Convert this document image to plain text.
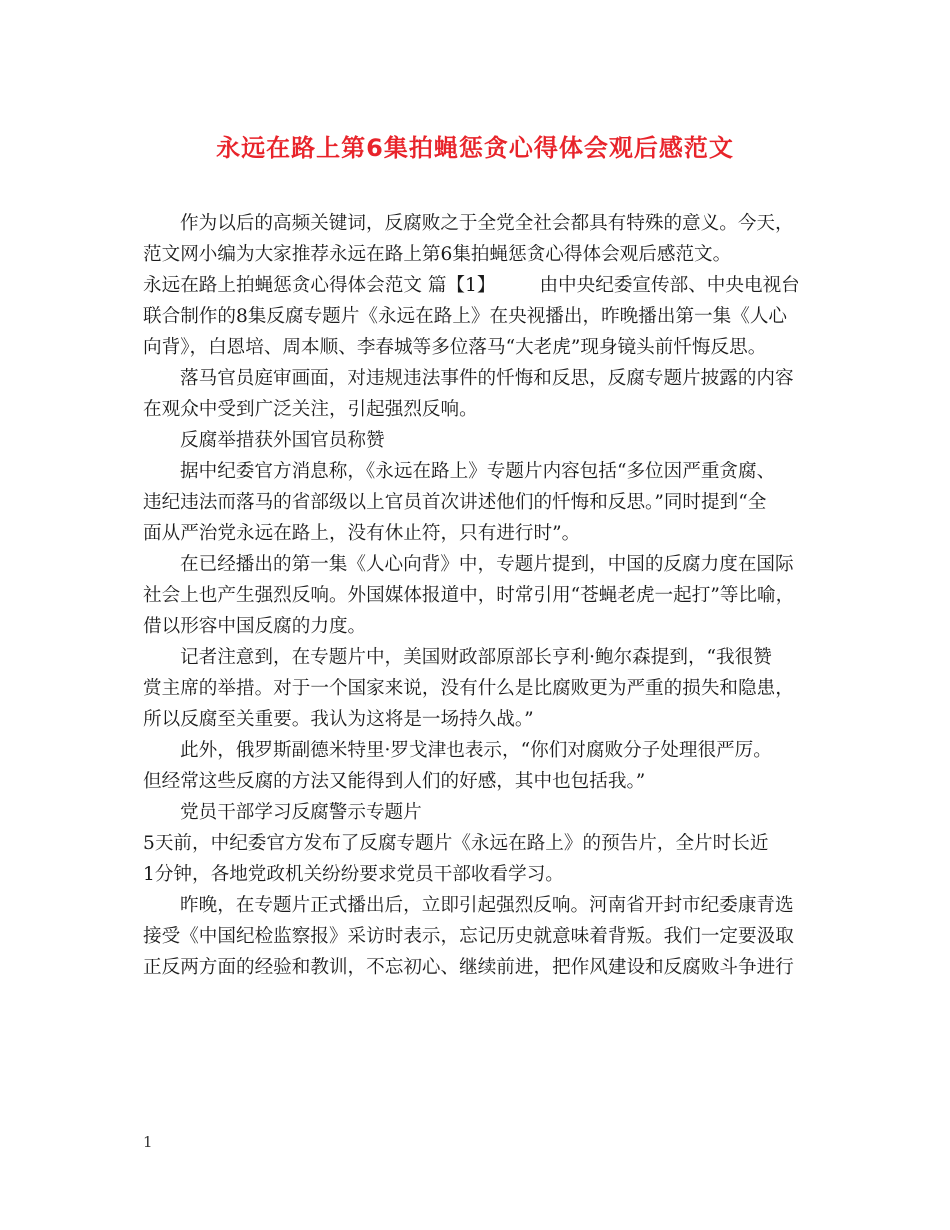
永远在路上第6集拍蝇惩贪心得体会观后感范文
作为以后的高频关键词，反腐败之于全党全社会都具有特殊的意义。今天，
范文网小编为大家推荐永远在路上第6集拍蝇惩贪心得体会观后感范文。
永远在路上拍蝇惩贪心得体会范文 篇【1】 由中央纪委宣传部、中央电视台
联合制作的8集反腐专题片《永远在路上》在央视播出，昨晚播出第一集《人心
向背》，白恩培、周本顺、李春城等多位落马“大老虎”现身镜头前忏悔反思。
落马官员庭审画面，对违规违法事件的忏悔和反思，反腐专题片披露的内容
在观众中受到广泛关注，引起强烈反响。
反腐举措获外国官员称赞
据中纪委官方消息称，《永远在路上》专题片内容包括“多位因严重贪腐、
违纪违法而落马的省部级以上官员首次讲述他们的忏悔和反思。”同时提到“全
面从严治党永远在路上，没有休止符，只有进行时”。
在已经播出的第一集《人心向背》中，专题片提到，中国的反腐力度在国际
社会上也产生强烈反响。外国媒体报道中，时常引用“苍蝇老虎一起打”等比喻，
借以形容中国反腐的力度。
记者注意到，在专题片中，美国财政部原部长亨利·鲍尔森提到，“我很赞
赏主席的举措。对于一个国家来说，没有什么是比腐败更为严重的损失和隐患，
所以反腐至关重要。我认为这将是一场持久战。”
此外，俄罗斯副德米特里·罗戈津也表示，“你们对腐败分子处理很严厉。
但经常这些反腐的方法又能得到人们的好感，其中也包括我。”
党员干部学习反腐警示专题片
5天前，中纪委官方发布了反腐专题片《永远在路上》的预告片，全片时长近
1分钟，各地党政机关纷纷要求党员干部收看学习。
昨晚，在专题片正式播出后，立即引起强烈反响。河南省开封市纪委康青选
接受《中国纪检监察报》采访时表示，忘记历史就意味着背叛。我们一定要汲取
正反两方面的经验和教训，不忘初心、继续前进，把作风建设和反腐败斗争进行
1
